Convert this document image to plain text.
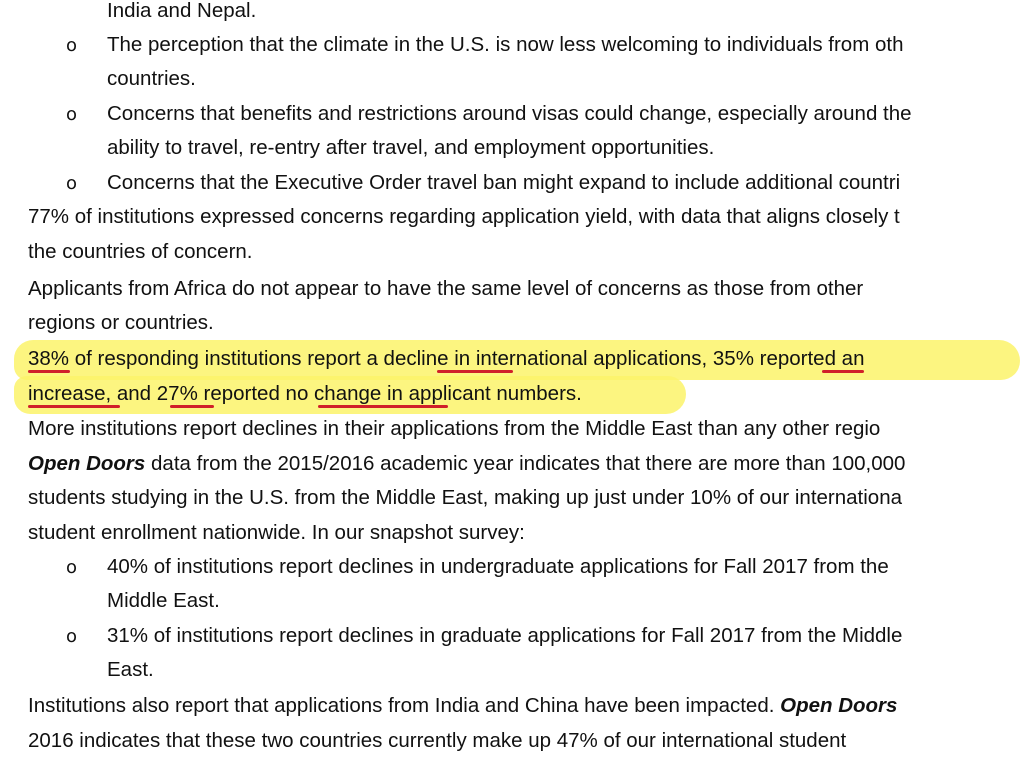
India and Nepal.
o The perception that the climate in the U.S. is now less welcoming to individuals from oth
countries.
o Concerns that benefits and restrictions around visas could change, especially around the
ability to travel, re-entry after travel, and employment opportunities.
o Concerns that the Executive Order travel ban might expand to include additional countri
77% of institutions expressed concerns regarding application yield, with data that aligns closely t
the countries of concern.
Applicants from Africa do not appear to have the same level of concerns as those from other
regions or countries.
38% of responding institutions report a decline in international applications, 35% reported an
increase, and 27% reported no change in applicant numbers.
More institutions report declines in their applications from the Middle East than any other regio
Open Doors data from the 2015/2016 academic year indicates that there are more than 100,000
students studying in the U.S. from the Middle East, making up just under 10% of our internationa
student enrollment nationwide. In our snapshot survey:
o 40% of institutions report declines in undergraduate applications for Fall 2017 from the
Middle East.
o 31% of institutions report declines in graduate applications for Fall 2017 from the Middle
East.
Institutions also report that applications from India and China have been impacted. Open Doors
2016 indicates that these two countries currently make up 47% of our international student
